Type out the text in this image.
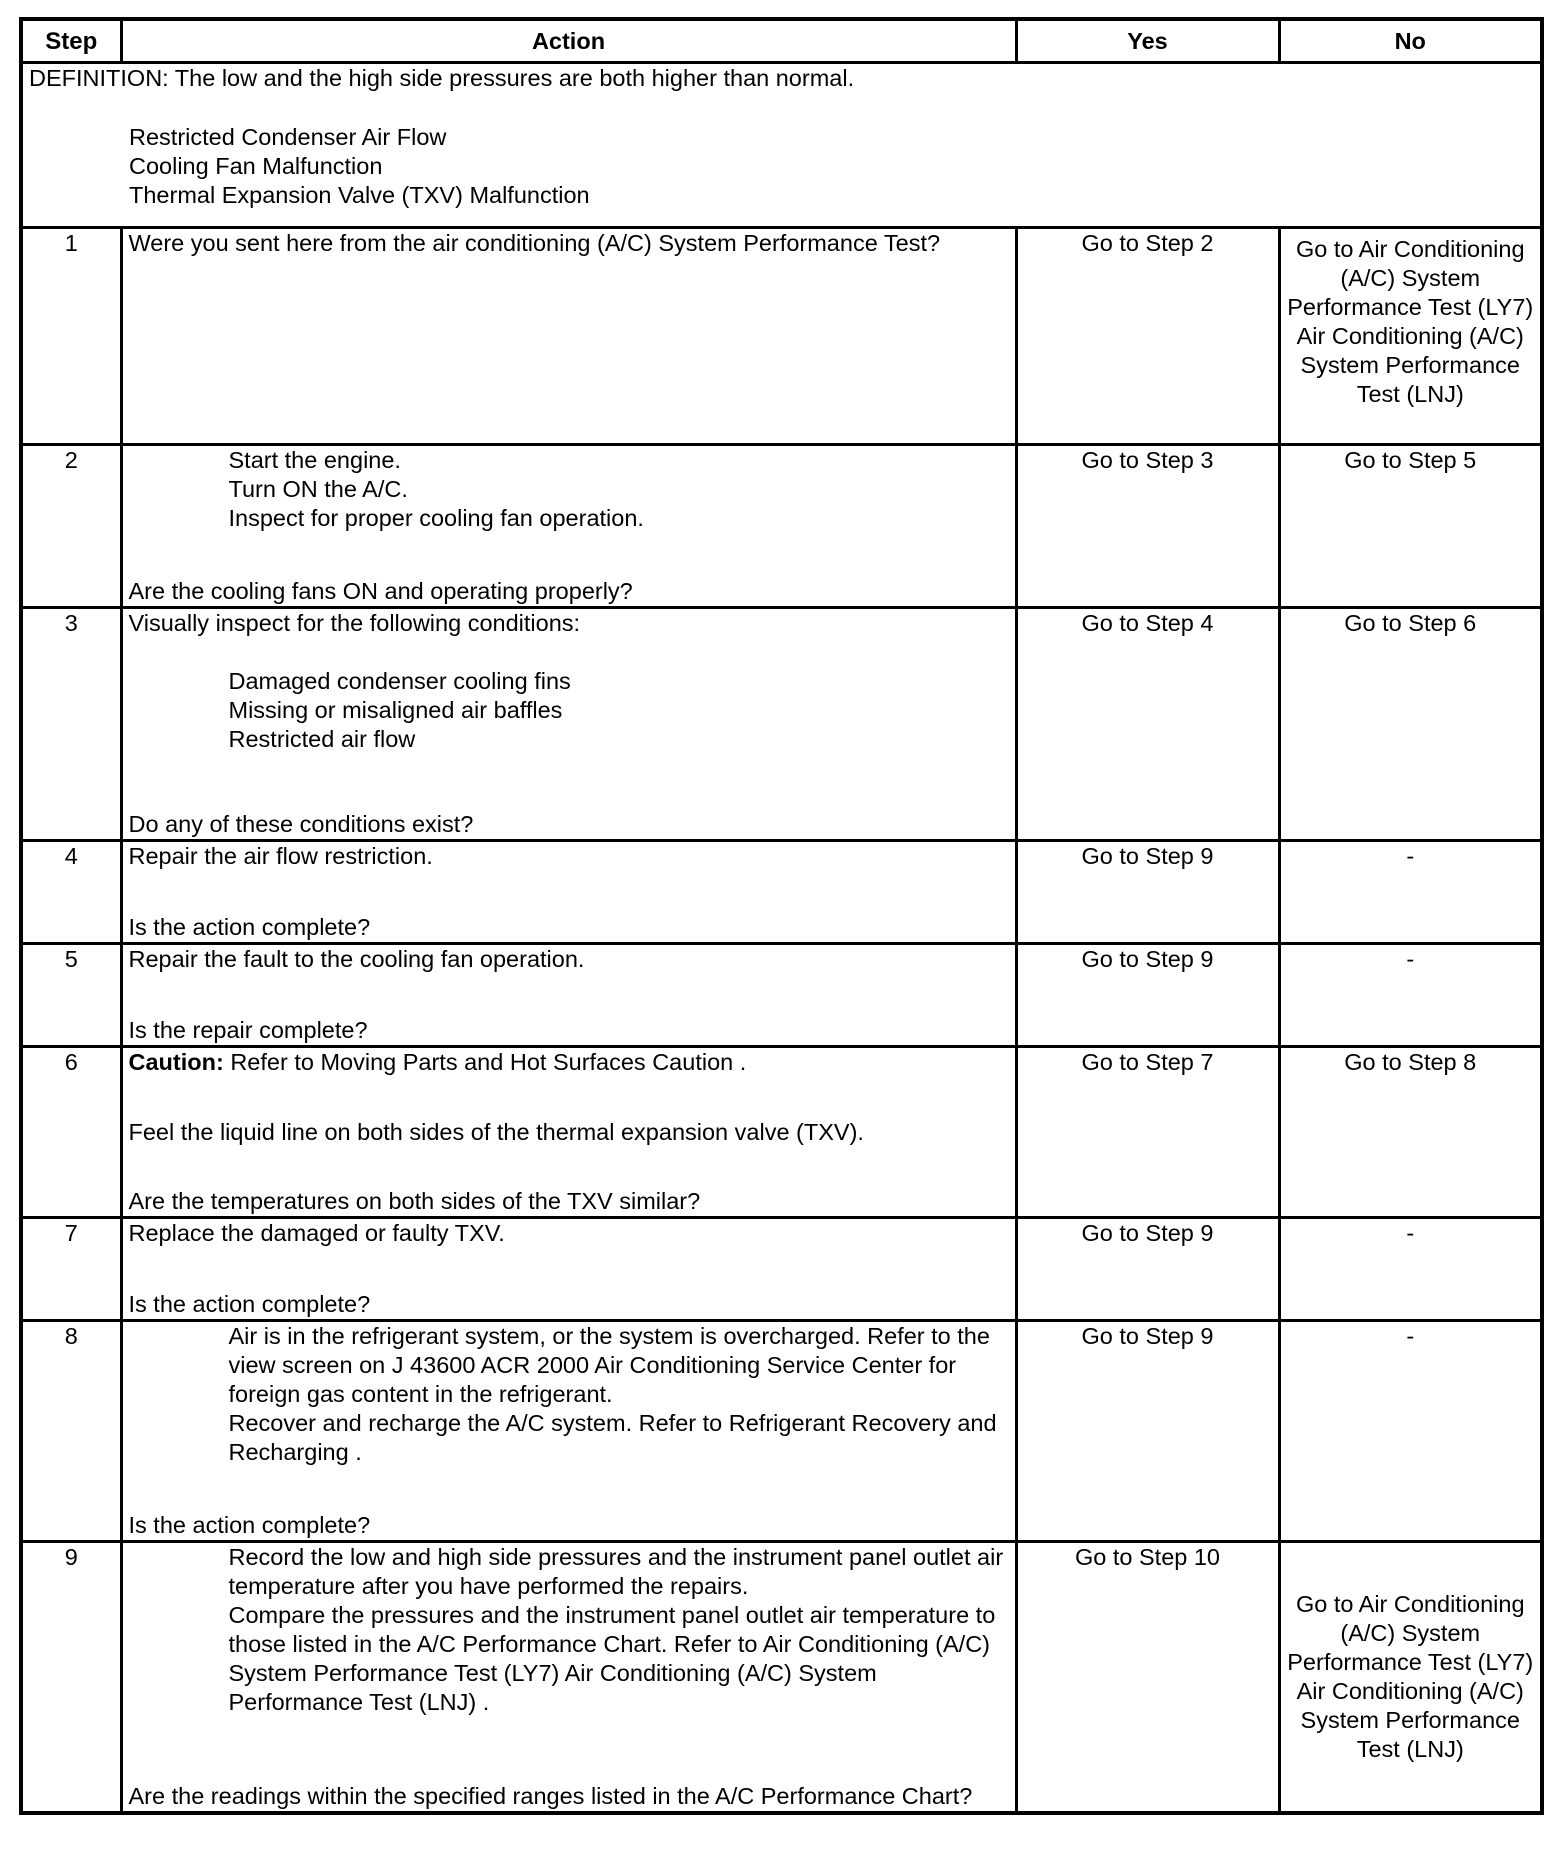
Step	Action	Yes	No

DEFINITION: The low and the high side pressures are both higher than normal.
Restricted Condenser Air Flow
Cooling Fan Malfunction
Thermal Expansion Valve (TXV) Malfunction			

1	Were you sent here from the air conditioning (A/C) System Performance Test?	Go to Step 2	Go to Air Conditioning (A/C) System Performance Test (LY7) Air Conditioning (A/C) System Performance Test (LNJ)
2	Start the engine.
Turn ON the A/C.
Inspect for proper cooling fan operation.
Are the cooling fans ON and operating properly?	Go to Step 3	Go to Step 5
3	Visually inspect for the following conditions:
Damaged condenser cooling fins
Missing or misaligned air baffles
Restricted air flow
Do any of these conditions exist?	Go to Step 4	Go to Step 6
4	Repair the air flow restriction.
Is the action complete?	Go to Step 9	-
5	Repair the fault to the cooling fan operation.
Is the repair complete?	Go to Step 9	-
6	Caution: Refer to Moving Parts and Hot Surfaces Caution .
Feel the liquid line on both sides of the thermal expansion valve (TXV).
Are the temperatures on both sides of the TXV similar?	Go to Step 7	Go to Step 8
7	Replace the damaged or faulty TXV.
Is the action complete?	Go to Step 9	-
8	Air is in the refrigerant system, or the system is overcharged. Refer to the view screen on J 43600 ACR 2000 Air Conditioning Service Center for foreign gas content in the refrigerant.
Recover and recharge the A/C system. Refer to Refrigerant Recovery and Recharging .
Is the action complete?	Go to Step 9	-
9	Record the low and high side pressures and the instrument panel outlet air temperature after you have performed the repairs.
Compare the pressures and the instrument panel outlet air temperature to those listed in the A/C Performance Chart. Refer to Air Conditioning (A/C) System Performance Test (LY7) Air Conditioning (A/C) System Performance Test (LNJ) .
Are the readings within the specified ranges listed in the A/C Performance Chart?	Go to Step 10	Go to Air Conditioning (A/C) System Performance Test (LY7) Air Conditioning (A/C) System Performance Test (LNJ)
